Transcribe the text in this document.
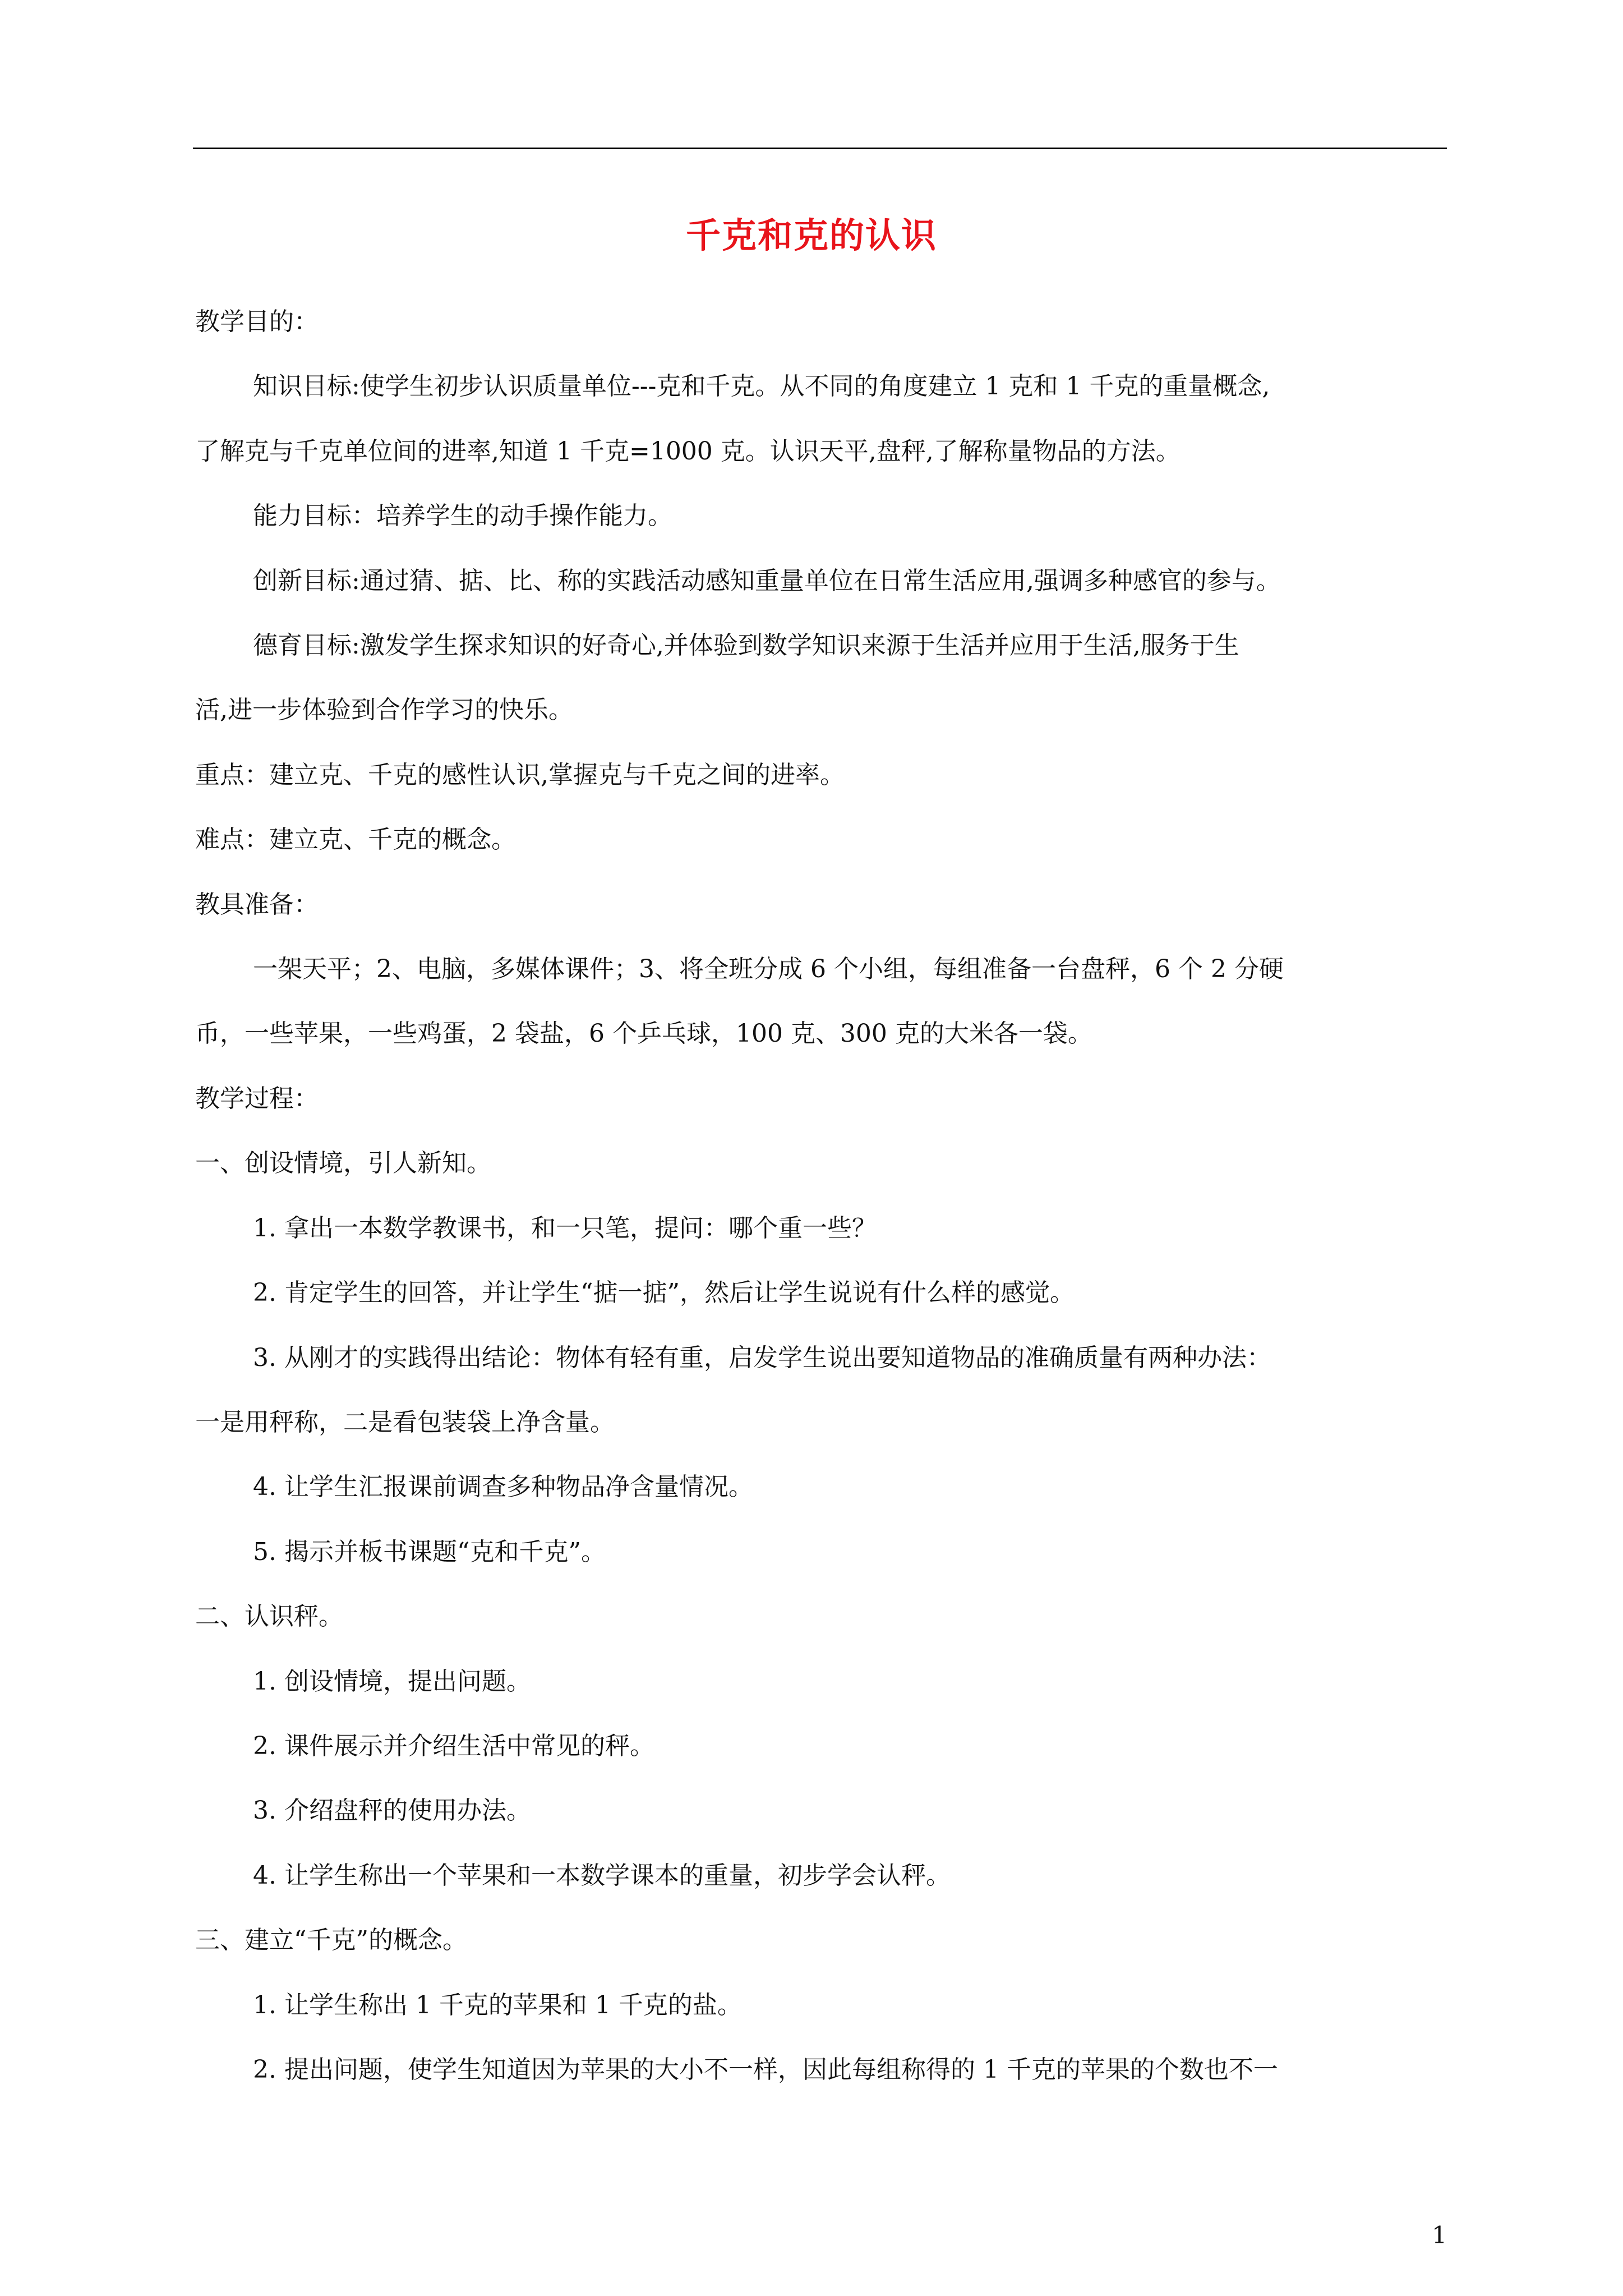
千克和克的认识

教学目的：

知识目标:使学生初步认识质量单位---克和千克。从不同的角度建立 1 克和 1 千克的重量概念,

了解克与千克单位间的进率,知道 1 千克=1000 克。认识天平,盘秤,了解称量物品的方法。

能力目标：培养学生的动手操作能力。

创新目标:通过猜、掂、比、称的实践活动感知重量单位在日常生活应用,强调多种感官的参与。

德育目标:激发学生探求知识的好奇心,并体验到数学知识来源于生活并应用于生活,服务于生

活,进一步体验到合作学习的快乐。

重点：建立克、千克的感性认识,掌握克与千克之间的进率。

难点：建立克、千克的概念。

教具准备：

一架天平；2、电脑，多媒体课件；3、将全班分成 6 个小组，每组准备一台盘秤，6 个 2 分硬

币，一些苹果，一些鸡蛋，2 袋盐，6 个乒乓球，100 克、300 克的大米各一袋。

教学过程：

一、创设情境，引人新知。

1. 拿出一本数学教课书，和一只笔，提问：哪个重一些？

2. 肯定学生的回答，并让学生“掂一掂”，然后让学生说说有什么样的感觉。

3. 从刚才的实践得出结论：物体有轻有重，启发学生说出要知道物品的准确质量有两种办法：

一是用秤称，二是看包装袋上净含量。

4. 让学生汇报课前调查多种物品净含量情况。

5. 揭示并板书课题“克和千克”。

二、认识秤。

1. 创设情境，提出问题。

2. 课件展示并介绍生活中常见的秤。

3. 介绍盘秤的使用办法。

4. 让学生称出一个苹果和一本数学课本的重量，初步学会认秤。

三、建立“千克”的概念。

1. 让学生称出 1 千克的苹果和 1 千克的盐。

2. 提出问题，使学生知道因为苹果的大小不一样，因此每组称得的 1 千克的苹果的个数也不一

1
